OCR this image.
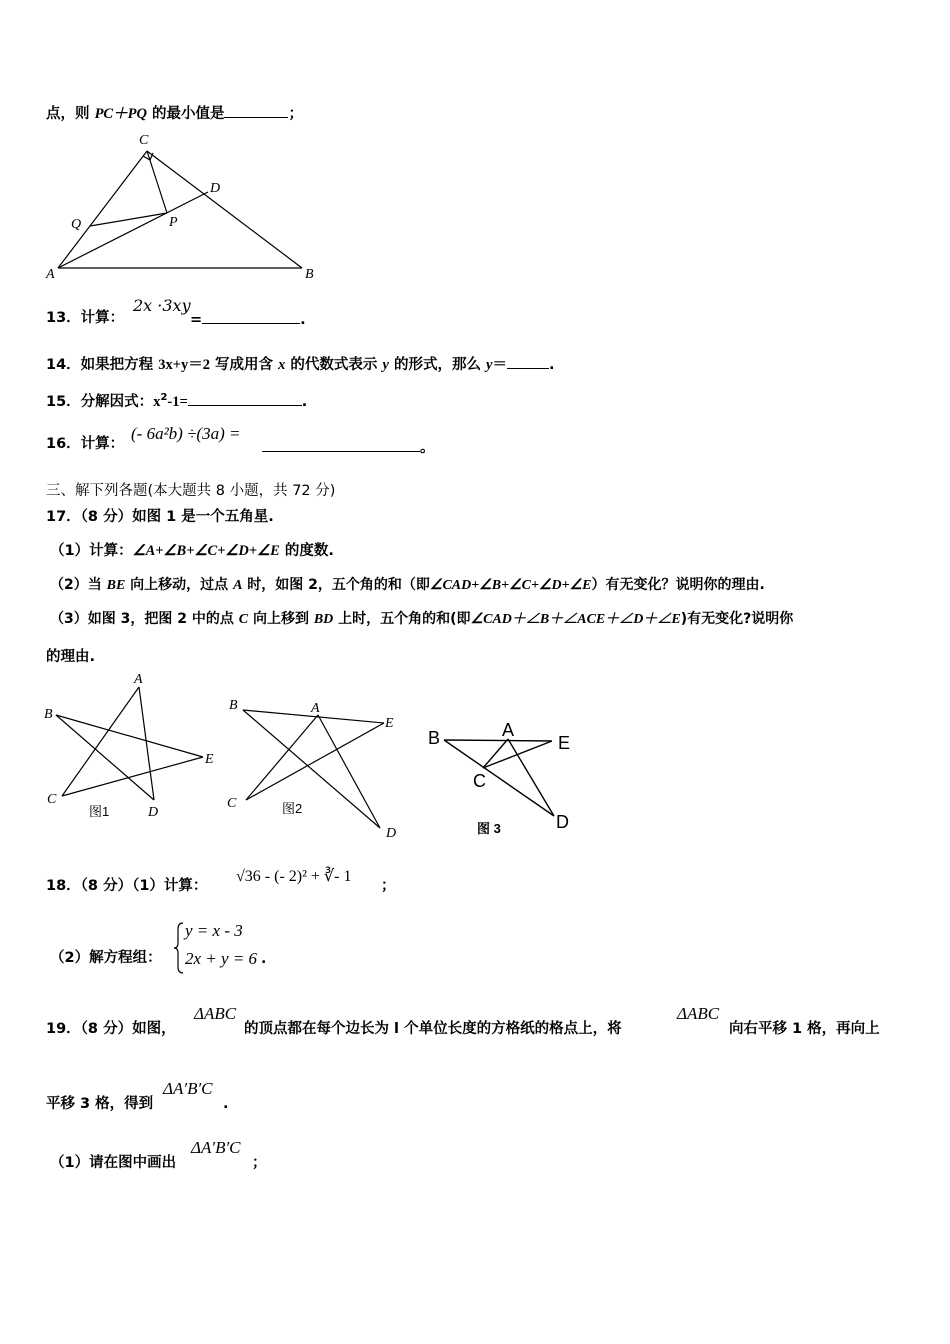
点，则 PC＋PQ 的最小值是	；
C
D
Q	P
A	B
13．计算：
2x ·3xy
=	.
14．如果把方程 3x+y＝2 写成用含 x 的代数式表示 y 的形式，那么 y＝	.
15．分解因式：$x^2-1=$	.
16．计算：
(- 6a²b) ÷(3a) =
。
三、解下列各题(本大题共 8 小题，共 72 分)
17．（8 分）如图 1 是一个五角星.
（1）计算：∠A+∠B+∠C+∠D+∠E 的度数.
（2）当 BE 向上移动，过点 A 时，如图 2，五个角的和（即∠CAD+∠B+∠C+∠D+∠E）有无变化？说明你的理由.
（3）如图 3，把图 2 中的点 C 向上移到 BD 上时，五个角的和(即∠CAD＋∠B＋∠ACE＋∠D＋∠E)有无变化?说明你
的理由.
A
B
C
D
E
图1
A
B
C
D
E
图2
B	A
E
C
D
图 3
18．（8 分）（1）计算：
√36 - (- 2)² + ∛- 1
；
（2）解方程组：
y = x - 3
2x + y = 6 .
19．（8 分）如图，
ΔABC
的顶点都在每个边长为 l 个单位长度的方格纸的格点上，将
ΔABC
向右平移 1 格，再向上
平移 3 格，得到
ΔA′B′C
.
（1）请在图中画出
ΔA′B′C
；
